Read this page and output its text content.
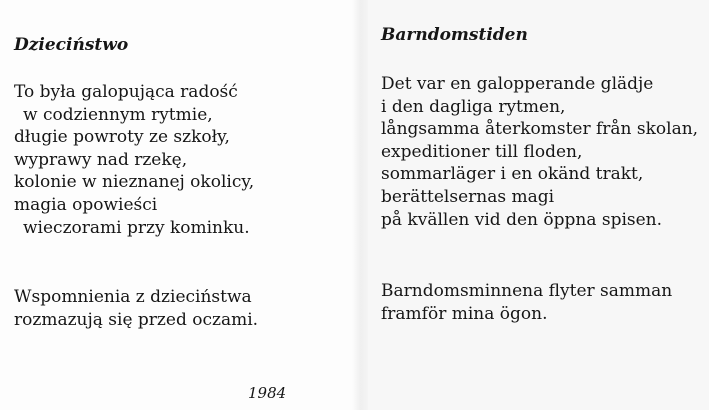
Dzieciństwo
To była galopująca radość
w codziennym rytmie,
długie powroty ze szkoły,
wyprawy nad rzekę,
kolonie w nieznanej okolicy,
magia opowieści
wieczorami przy kominku.
Wspomnienia z dzieciństwa
rozmazują się przed oczami.

1984

Barndomstiden
Det var en galopperande glädje
i den dagliga rytmen,
långsamma återkomster från skolan,
expeditioner till floden,
sommarläger i en okänd trakt,
berättelsernas magi
på kvällen vid den öppna spisen.
Barndomsminnena flyter samman
framför mina ögon.
